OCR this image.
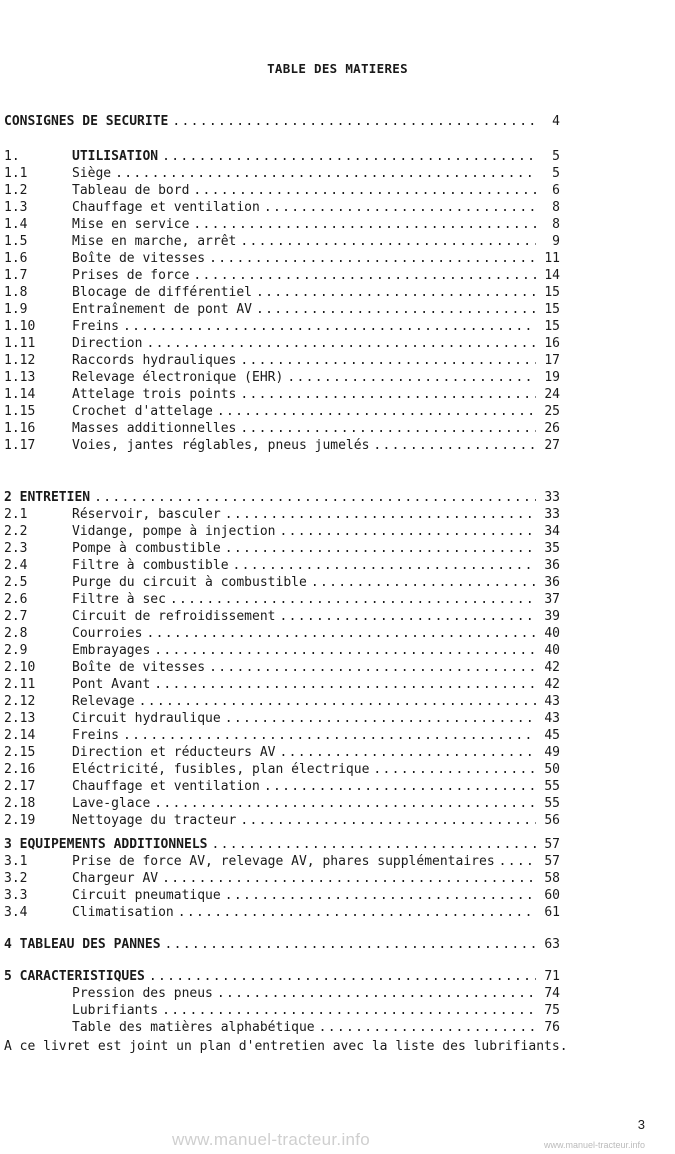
TABLE DES MATIERES
CONSIGNES DE SECURITE .....	4
1.	UTILISATION .....	5
1.1	Siège .....	5
1.2	Tableau de bord .....	6
1.3	Chauffage et ventilation .....	8
1.4	Mise en service .....	8
1.5	Mise en marche, arrêt .....	9
1.6	Boîte de vitesses .....	11
1.7	Prises de force .....	14
1.8	Blocage de différentiel .....	15
1.9	Entraînement de pont AV .....	15
1.10	Freins .....	15
1.11	Direction .....	16
1.12	Raccords hydrauliques .....	17
1.13	Relevage électronique (EHR) .....	19
1.14	Attelage trois points .....	24
1.15	Crochet d'attelage .....	25
1.16	Masses additionnelles .....	26
1.17	Voies, jantes réglables, pneus jumelés .....	27
2 ENTRETIEN .....	33
2.1	Réservoir, basculer .....	33
2.2	Vidange, pompe à injection .....	34
2.3	Pompe à combustible .....	35
2.4	Filtre à combustible .....	36
2.5	Purge du circuit à combustible .....	36
2.6	Filtre à sec .....	37
2.7	Circuit de refroidissement .....	39
2.8	Courroies .....	40
2.9	Embrayages .....	40
2.10	Boîte de vitesses .....	42
2.11	Pont Avant .....	42
2.12	Relevage .....	43
2.13	Circuit hydraulique .....	43
2.14	Freins .....	45
2.15	Direction et réducteurs AV .....	49
2.16	Eléctricité, fusibles, plan électrique .....	50
2.17	Chauffage et ventilation .....	55
2.18	Lave-glace .....	55
2.19	Nettoyage du tracteur .....	56
3 EQUIPEMENTS ADDITIONNELS .....	57
3.1	Prise de force AV, relevage AV, phares supplémentaires .....	57
3.2	Chargeur AV .....	58
3.3	Circuit pneumatique .....	60
3.4	Climatisation .....	61
4 TABLEAU DES PANNES .....	63
5 CARACTERISTIQUES .....	71
Pression des pneus .....	74
Lubrifiants .....	75
Table des matières alphabétique .....	76
A ce livret est joint un plan d'entretien avec la liste des lubrifiants.
3
www.manuel-tracteur.info	www.manuel-tracteur.info
